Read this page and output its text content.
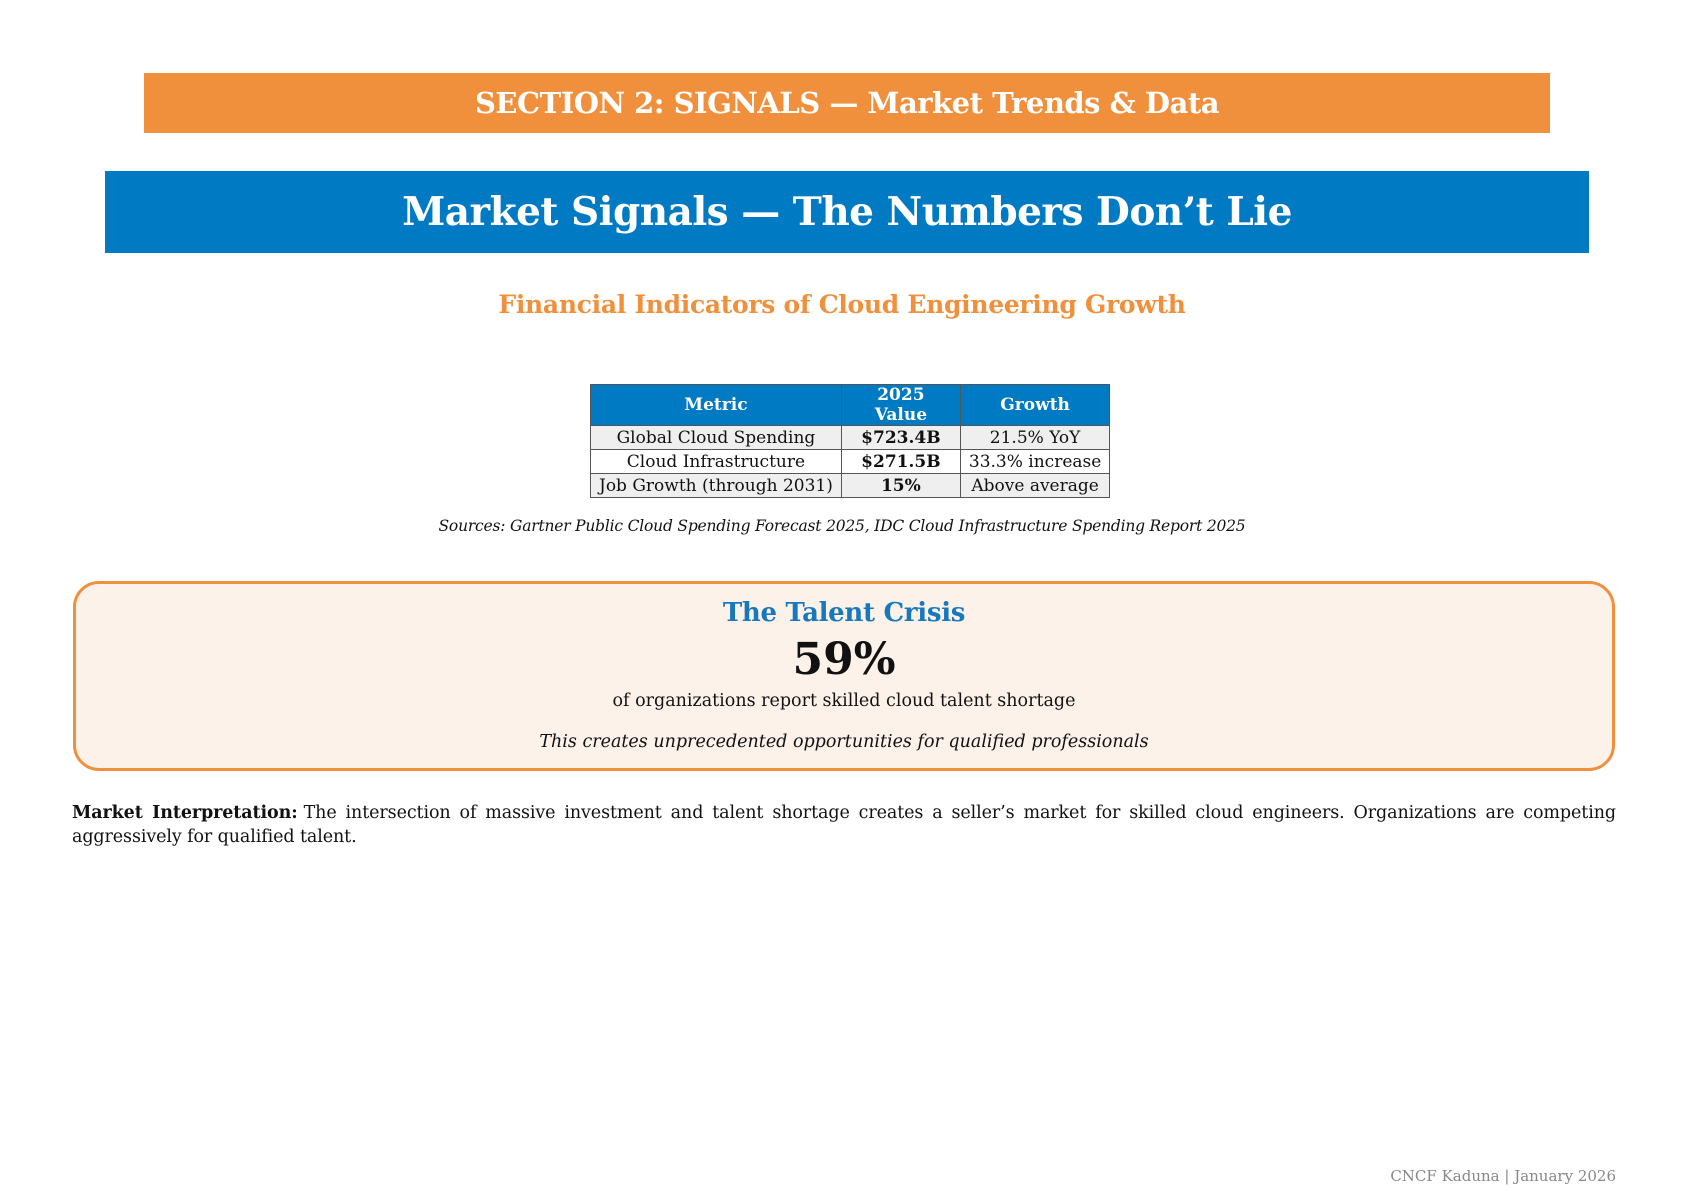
SECTION 2: SIGNALS — Market Trends & Data
Market Signals — The Numbers Don’t Lie
Financial Indicators of Cloud Engineering Growth
Metric	2025 Value	Growth
Global Cloud Spending	$723.4B	21.5% YoY
Cloud Infrastructure	$271.5B	33.3% increase
Job Growth (through 2031)	15%	Above average
Sources: Gartner Public Cloud Spending Forecast 2025, IDC Cloud Infrastructure Spending Report 2025
The Talent Crisis
59%
of organizations report skilled cloud talent shortage
This creates unprecedented opportunities for qualified professionals
Market Interpretation: The intersection of massive investment and talent shortage creates a seller’s market for skilled cloud engineers. Organizations are competing aggressively for qualified talent.
CNCF Kaduna | January 2026
